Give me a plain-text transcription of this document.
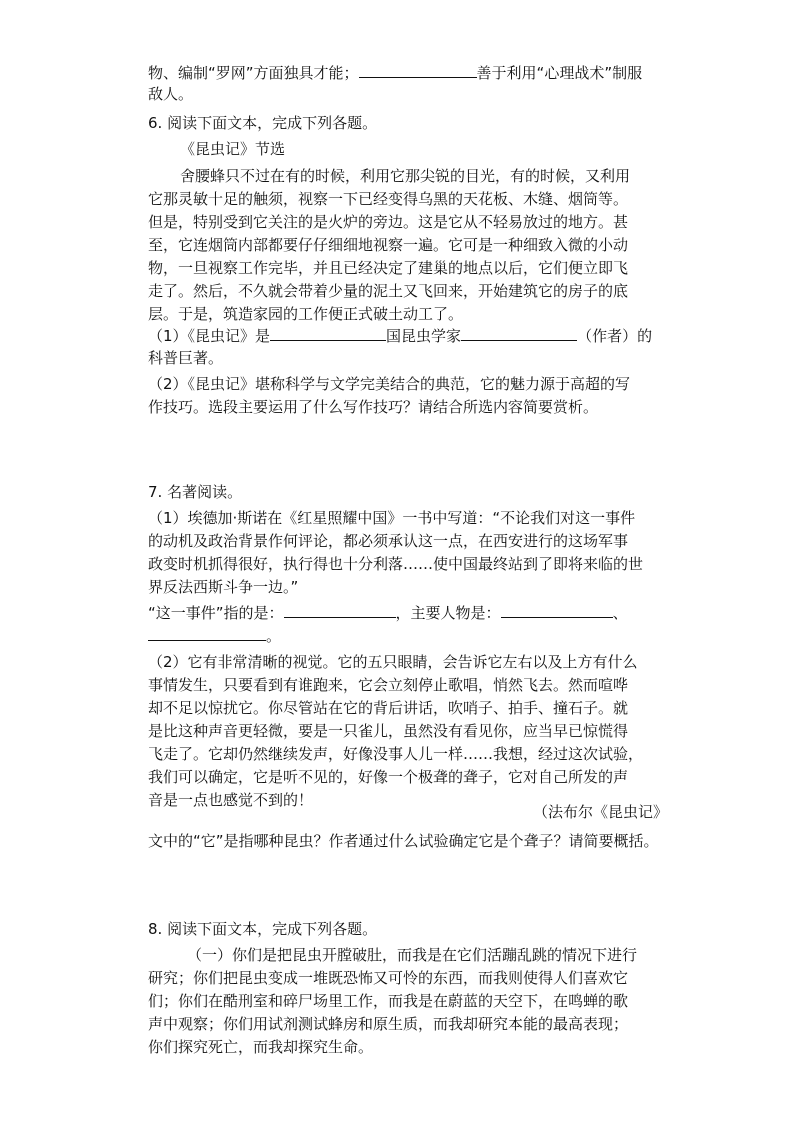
物、编制“罗网”方面独具才能；	善于利用“心理战术”制服
敌人。
6. 阅读下面文本，完成下列各题。
《昆虫记》节选
舍腰蜂只不过在有的时候，利用它那尖锐的目光，有的时候，又利用
它那灵敏十足的触须，视察一下已经变得乌黑的天花板、木缝、烟筒等。
但是，特别受到它关注的是火炉的旁边。这是它从不轻易放过的地方。甚
至，它连烟筒内部都要仔仔细细地视察一遍。它可是一种细致入微的小动
物，一旦视察工作完毕，并且已经决定了建巢的地点以后，它们便立即飞
走了。然后，不久就会带着少量的泥土又飞回来，开始建筑它的房子的底
层。于是，筑造家园的工作便正式破土动工了。
（1）《昆虫记》是	国昆虫学家	（作者）的
科普巨著。
（2）《昆虫记》堪称科学与文学完美结合的典范，它的魅力源于高超的写
作技巧。选段主要运用了什么写作技巧？请结合所选内容简要赏析。
7. 名著阅读。
（1）埃德加·斯诺在《红星照耀中国》一书中写道：“不论我们对这一事件
的动机及政治背景作何评论，都必须承认这一点，在西安进行的这场军事
政变时机抓得很好，执行得也十分利落……使中国最终站到了即将来临的世
界反法西斯斗争一边。”
“这一事件”指的是：	，主要人物是：	、
。
（2）它有非常清晰的视觉。它的五只眼睛，会告诉它左右以及上方有什么
事情发生，只要看到有谁跑来，它会立刻停止歌唱，悄然飞去。然而喧哗
却不足以惊扰它。你尽管站在它的背后讲话，吹哨子、拍手、撞石子。就
是比这种声音更轻微，要是一只雀儿，虽然没有看见你，应当早已惊慌得
飞走了。它却仍然继续发声，好像没事人儿一样……我想，经过这次试验，
我们可以确定，它是听不见的，好像一个极聋的聋子，它对自己所发的声
音是一点也感觉不到的！
（法布尔《昆虫记》
文中的“它”是指哪种昆虫？作者通过什么试验确定它是个聋子？请简要概括。
8. 阅读下面文本，完成下列各题。
（一）你们是把昆虫开膛破肚，而我是在它们活蹦乱跳的情况下进行
研究；你们把昆虫变成一堆既恐怖又可怜的东西，而我则使得人们喜欢它
们；你们在酷刑室和碎尸场里工作，而我是在蔚蓝的天空下，在鸣蝉的歌
声中观察；你们用试剂测试蜂房和原生质，而我却研究本能的最高表现；
你们探究死亡，而我却探究生命。
